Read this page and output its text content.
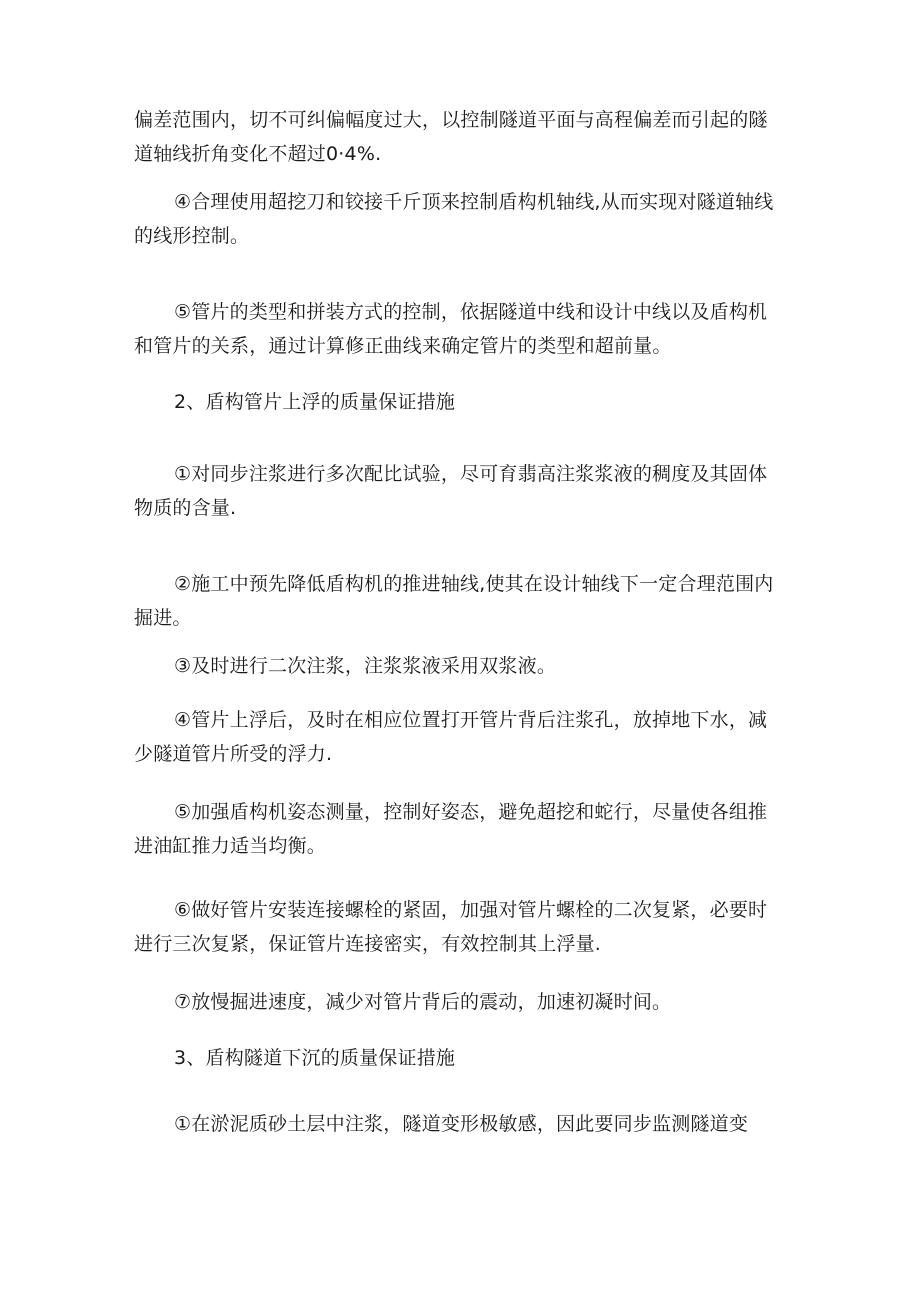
偏差范围内，切不可纠偏幅度过大，以控制隧道平面与高程偏差而引起的隧道轴线折角变化不超过0·4%.

④合理使用超挖刀和铰接千斤顶来控制盾构机轴线,从而实现对隧道轴线的线形控制。

⑤管片的类型和拼装方式的控制，依据隧道中线和设计中线以及盾构机和管片的关系，通过计算修正曲线来确定管片的类型和超前量。

2、盾构管片上浮的质量保证措施

①对同步注浆进行多次配比试验，尽可育翡高注浆浆液的稠度及其固体物质的含量.

②施工中预先降低盾构机的推进轴线,使其在设计轴线下一定合理范围内掘进。

③及时进行二次注浆，注浆浆液采用双浆液。

④管片上浮后，及时在相应位置打开管片背后注浆孔，放掉地下水，减少隧道管片所受的浮力.

⑤加强盾构机姿态测量，控制好姿态，避免超挖和蛇行，尽量使各组推进油缸推力适当均衡。

⑥做好管片安装连接螺栓的紧固，加强对管片螺栓的二次复紧，必要时进行三次复紧，保证管片连接密实，有效控制其上浮量.

⑦放慢掘进速度，减少对管片背后的震动，加速初凝时间。

3、盾构隧道下沉的质量保证措施

①在淤泥质砂土层中注浆，隧道变形极敏感，因此要同步监测隧道变
